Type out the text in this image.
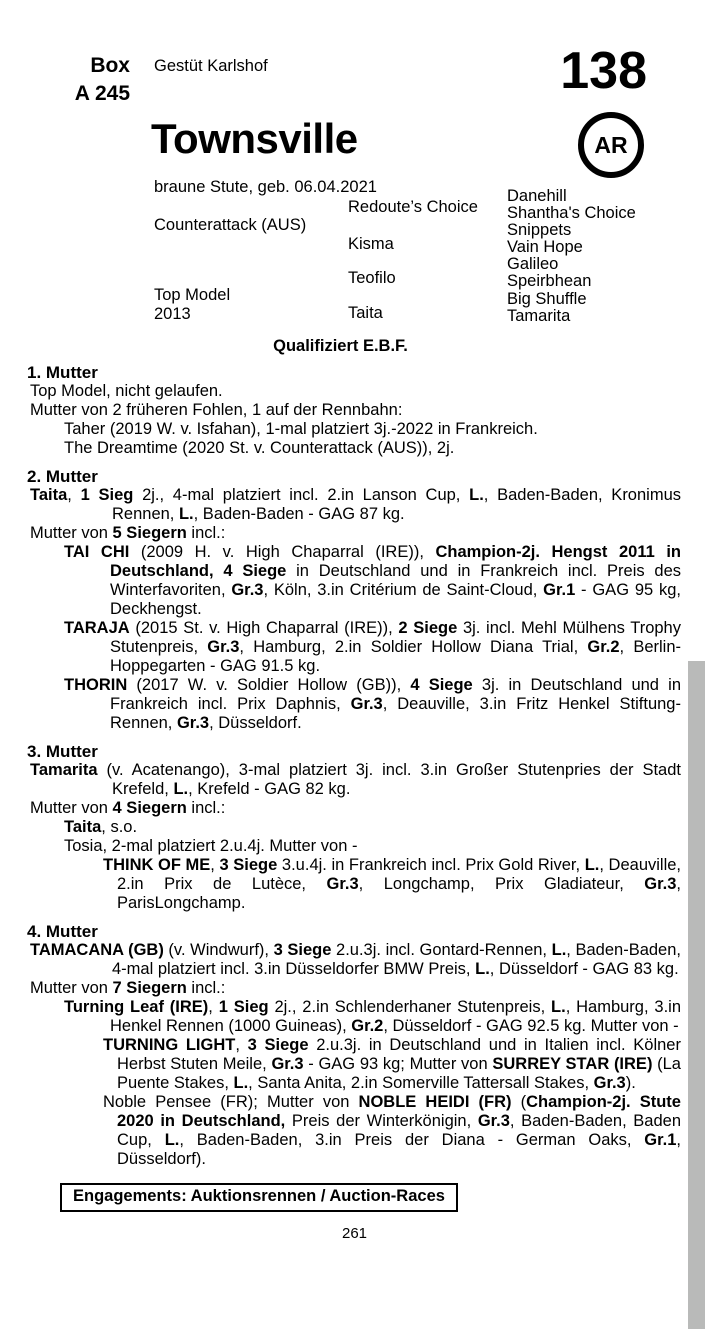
Box
A 245
Gestüt Karlshof	138
Townsville
braune Stute, geb. 06.04.2021
AR
Counterattack (AUS)
Top Model
2013
Redoute’s Choice
Kisma
Teofilo
Taita
Danehill
Shantha's Choice
Snippets
Vain Hope
Galileo
Speirbhean
Big Shuffle
Tamarita
Qualifiziert E.B.F.
1. Mutter
Top Model, nicht gelaufen.
Mutter von 2 früheren Fohlen, 1 auf der Rennbahn:
Taher (2019 W. v. Isfahan), 1-mal platziert 3j.-2022 in Frankreich.
The Dreamtime (2020 St. v. Counterattack (AUS)), 2j.
2. Mutter
Taita, 1 Sieg 2j., 4-mal platziert incl. 2.in Lanson Cup, L., Baden-Baden, Kronimus Rennen, L., Baden-Baden - GAG 87 kg.
Mutter von 5 Siegern incl.:
TAI CHI (2009 H. v. High Chaparral (IRE)), Champion-2j. Hengst 2011 in Deutschland, 4 Siege in Deutschland und in Frankreich incl. Preis des Winterfavoriten, Gr.3, Köln, 3.in Critérium de Saint-Cloud, Gr.1 - GAG 95 kg, Deckhengst.
TARAJA (2015 St. v. High Chaparral (IRE)), 2 Siege 3j. incl. Mehl Mülhens Trophy Stutenpreis, Gr.3, Hamburg, 2.in Soldier Hollow Diana Trial, Gr.2, Berlin-Hoppegarten - GAG 91.5 kg.
THORIN (2017 W. v. Soldier Hollow (GB)), 4 Siege 3j. in Deutschland und in Frankreich incl. Prix Daphnis, Gr.3, Deauville, 3.in Fritz Henkel Stiftung-Rennen, Gr.3, Düsseldorf.
3. Mutter
Tamarita (v. Acatenango), 3-mal platziert 3j. incl. 3.in Großer Stutenpries der Stadt Krefeld, L., Krefeld - GAG 82 kg.
Mutter von 4 Siegern incl.:
Taita, s.o.
Tosia, 2-mal platziert 2.u.4j. Mutter von -
THINK OF ME, 3 Siege 3.u.4j. in Frankreich incl. Prix Gold River, L., Deauville, 2.in Prix de Lutèce, Gr.3, Longchamp, Prix Gladiateur, Gr.3, ParisLongchamp.
4. Mutter
TAMACANA (GB) (v. Windwurf), 3 Siege 2.u.3j. incl. Gontard-Rennen, L., Baden-Baden, 4-mal platziert incl. 3.in Düsseldorfer BMW Preis, L., Düsseldorf - GAG 83 kg.
Mutter von 7 Siegern incl.:
Turning Leaf (IRE), 1 Sieg 2j., 2.in Schlenderhaner Stutenpreis, L., Hamburg, 3.in Henkel Rennen (1000 Guineas), Gr.2, Düsseldorf - GAG 92.5 kg. Mutter von -
TURNING LIGHT, 3 Siege 2.u.3j. in Deutschland und in Italien incl. Kölner Herbst Stuten Meile, Gr.3 - GAG 93 kg; Mutter von SURREY STAR (IRE) (La Puente Stakes, L., Santa Anita, 2.in Somerville Tattersall Stakes, Gr.3).
Noble Pensee (FR); Mutter von NOBLE HEIDI (FR) (Champion-2j. Stute 2020 in Deutschland, Preis der Winterkönigin, Gr.3, Baden-Baden, Baden Cup, L., Baden-Baden, 3.in Preis der Diana - German Oaks, Gr.1, Düsseldorf).
Engagements: Auktionsrennen / Auction-Races
261
